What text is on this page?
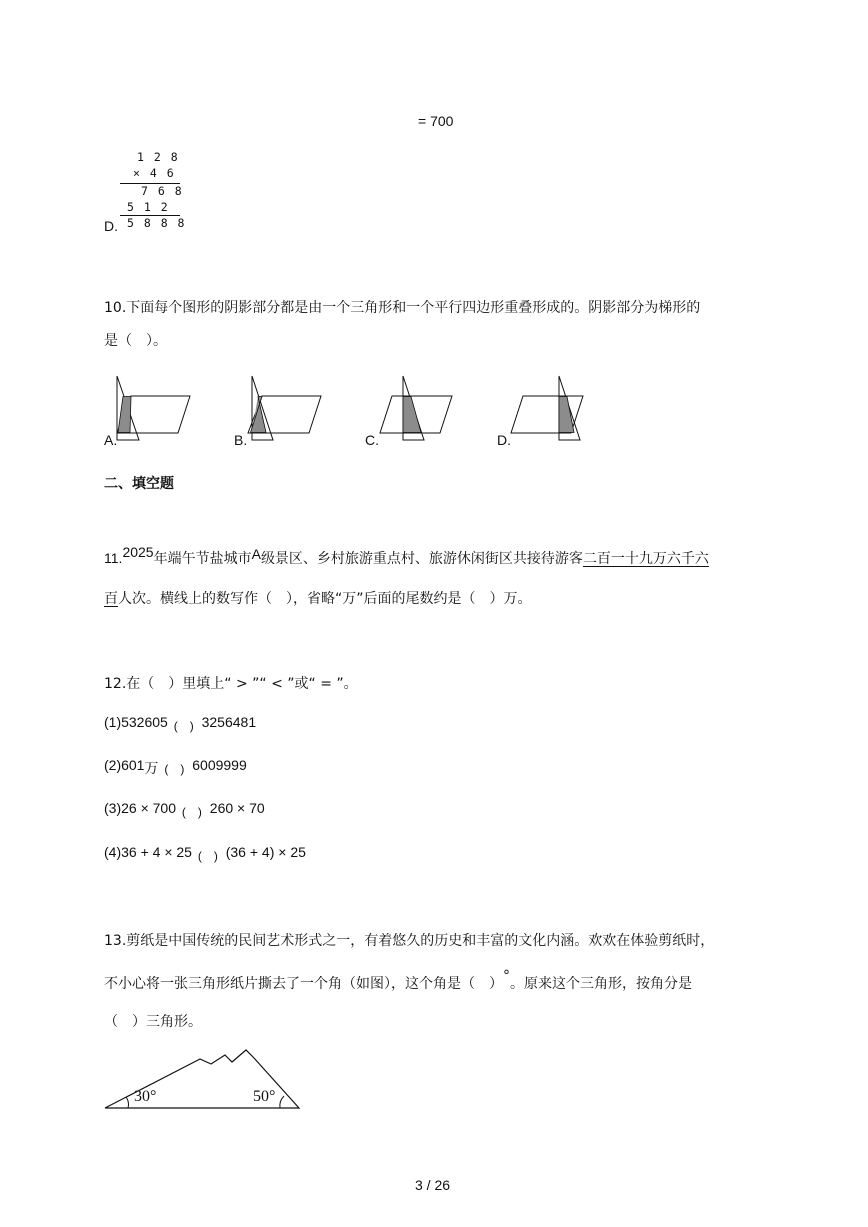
= 700
1 2 8
× 4 6
7 6 8
5 1 2
5 8 8 8
D.
10.下面每个图形的阴影部分都是由一个三角形和一个平行四边形重叠形成的。阴影部分为梯形的
是（　）。
A.	B.	C.	D.
二、填空题
11.2025年端午节盐城市A级景区、乡村旅游重点村、旅游休闲街区共接待游客二百一十九万六千六
百人次。横线上的数写作（　），省略“万”后面的尾数约是（　）万。
12.在（　）里填上“ > ”“ < ”或“ = ”。
(1)532605 (　) 3256481
(2)601万 (　) 6009999
(3)26 × 700 (　) 260 × 70
(4)36 + 4 × 25 (　) (36 + 4) × 25
13.剪纸是中国传统的民间艺术形式之一，有着悠久的历史和丰富的文化内涵。欢欢在体验剪纸时，
不小心将一张三角形纸片撕去了一个角（如图），这个角是（　）°。原来这个三角形，按角分是
（　）三角形。
30°	50°
3 / 26
